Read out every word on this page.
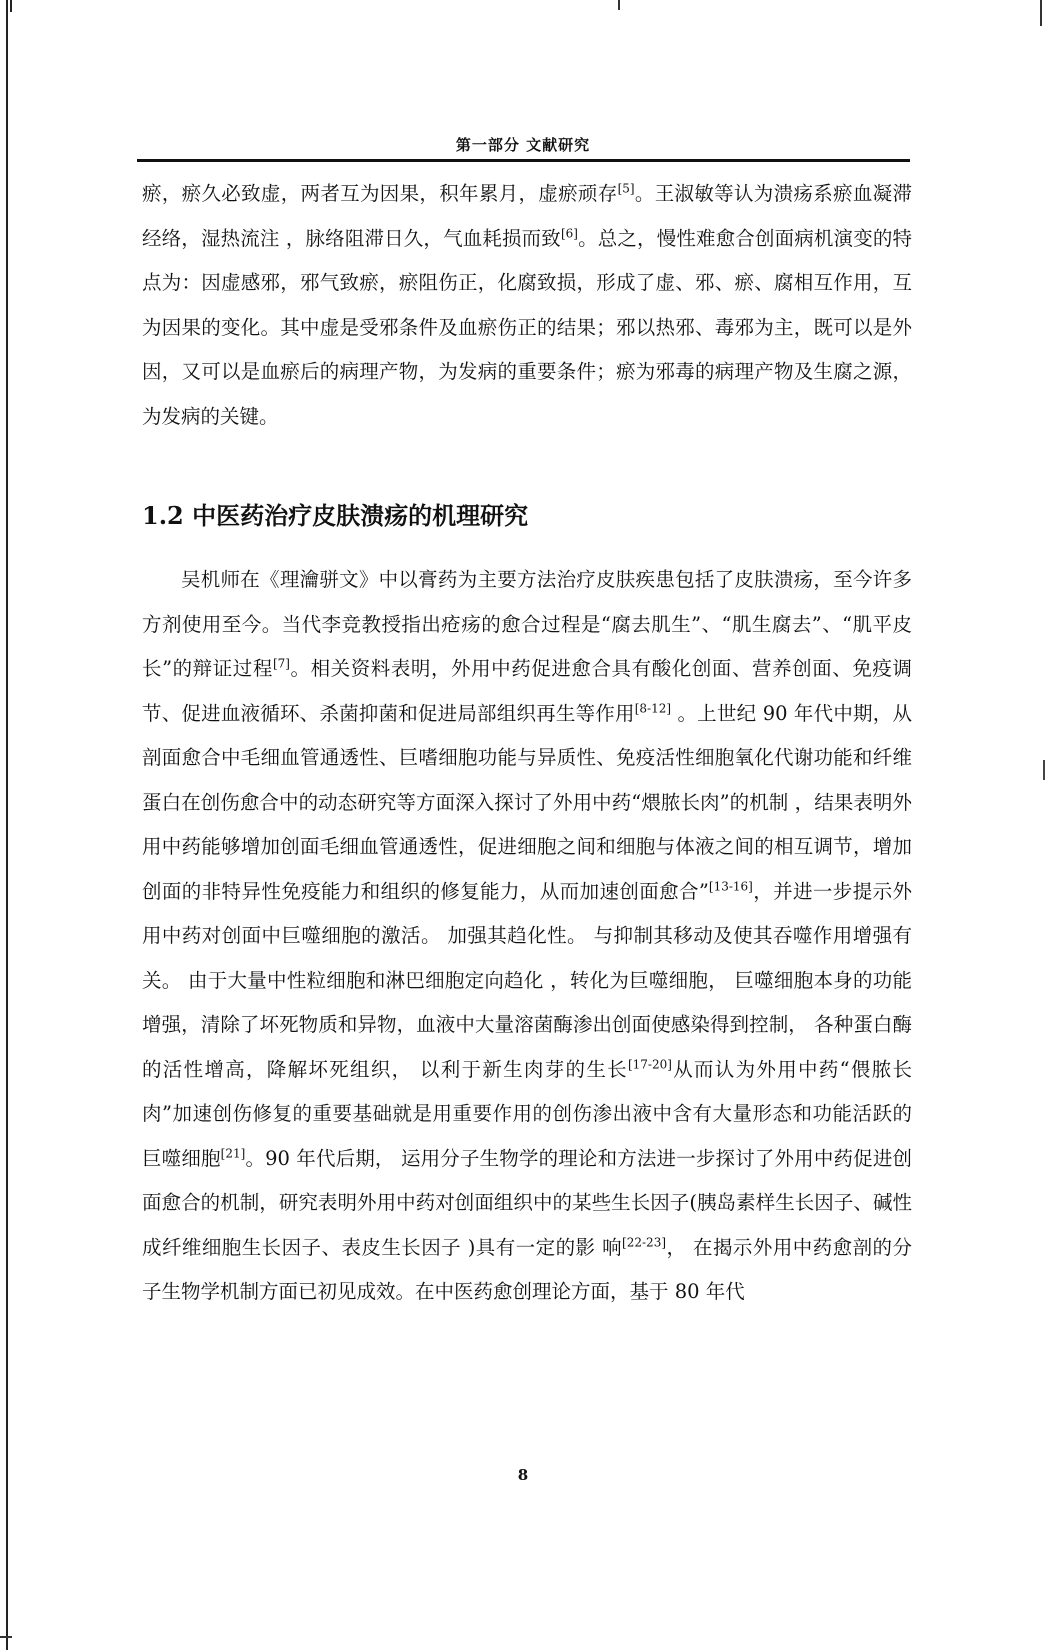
第一部分 文献研究

瘀，瘀久必致虚，两者互为因果，积年累月，虚瘀顽存[5]。王淑敏等认为溃疡系瘀血凝滞经络，湿热流注 ，脉络阻滞日久，气血耗损而致[6]。总之，慢性难愈合创面病机演变的特点为：因虚感邪，邪气致瘀，瘀阻伤正，化腐致损，形成了虚、邪、瘀、腐相互作用，互为因果的变化。其中虚是受邪条件及血瘀伤正的结果；邪以热邪、毒邪为主，既可以是外因，又可以是血瘀后的病理产物，为发病的重要条件；瘀为邪毒的病理产物及生腐之源，为发病的关键。

1.2 中医药治疗皮肤溃疡的机理研究

吴机师在《理瀹骈文》中以膏药为主要方法治疗皮肤疾患包括了皮肤溃疡，至今许多方剂使用至今。当代李竞教授指出疮疡的愈合过程是“腐去肌生”、“肌生腐去”、“肌平皮长”的辩证过程[7]。相关资料表明，外用中药促进愈合具有酸化创面、营养创面、免疫调节、促进血液循环、杀菌抑菌和促进局部组织再生等作用[8-12] 。上世纪 90 年代中期，从剖面愈合中毛细血管通透性、巨嗜细胞功能与异质性、免疫活性细胞氧化代谢功能和纤维蛋白在创伤愈合中的动态研究等方面深入探讨了外用中药“煨脓长肉”的机制 ，结果表明外用中药能够增加创面毛细血管通透性，促进细胞之间和细胞与体液之间的相互调节，增加创面的非特异性免疫能力和组织的修复能力，从而加速创面愈合”[13-16]，并进一步提示外用中药对创面中巨噬细胞的激活。 加强其趋化性。 与抑制其移动及使其吞噬作用增强有关。 由于大量中性粒细胞和淋巴细胞定向趋化 ，转化为巨噬细胞， 巨噬细胞本身的功能增强，清除了坏死物质和异物，血液中大量溶菌酶渗出创面使感染得到控制， 各种蛋白酶的活性增高，降解坏死组织， 以利于新生肉芽的生长[17-20]从而认为外用中药“偎脓长肉”加速创伤修复的重要基础就是用重要作用的创伤渗出液中含有大量形态和功能活跃的巨噬细胞[21]。90 年代后期， 运用分子生物学的理论和方法进一步探讨了外用中药促进创面愈合的机制，研究表明外用中药对创面组织中的某些生长因子(胰岛素样生长因子、碱性成纤维细胞生长因子、表皮生长因子 )具有一定的影 响[22-23]， 在揭示外用中药愈剖的分子生物学机制方面已初见成效。在中医药愈创理论方面，基于 80 年代

8
